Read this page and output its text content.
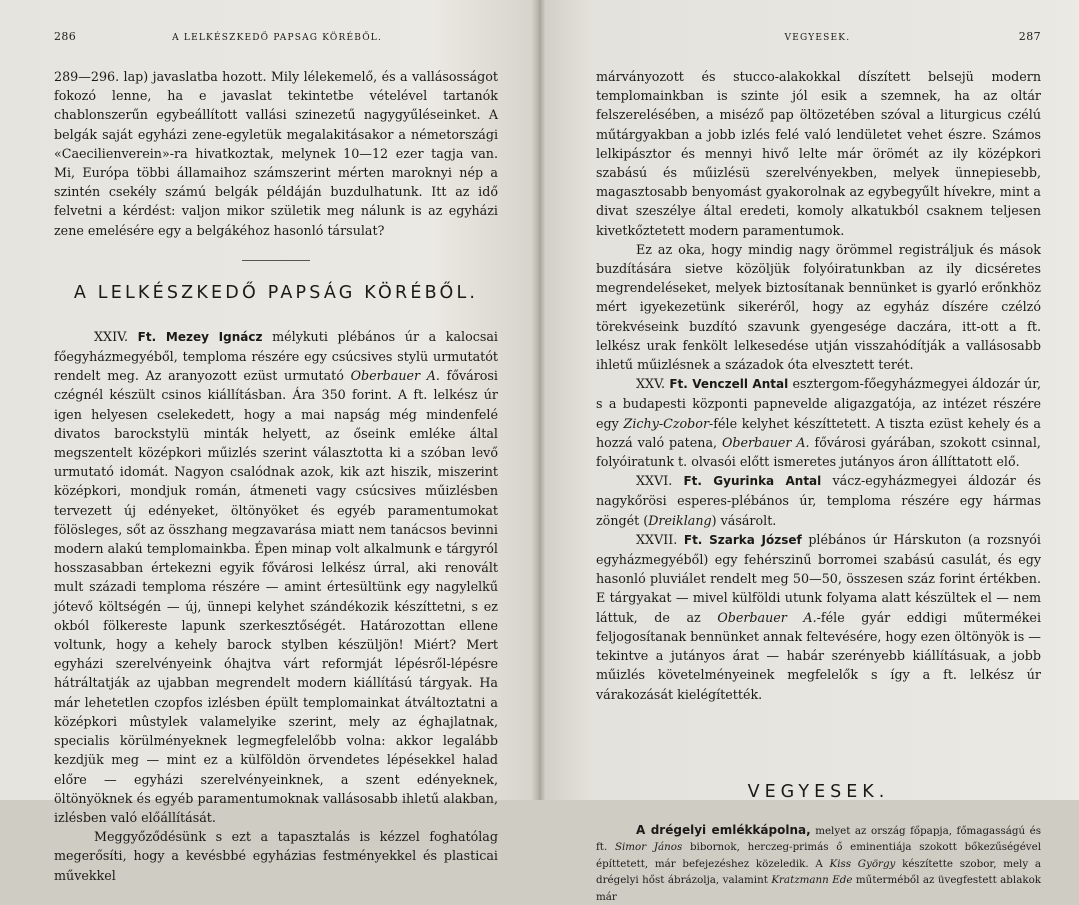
286	A LELKÉSZKEDŐ PAPSAG KÖRÉBŐL.

289—296. lap) javaslatba hozott. Mily lélekemelő, és a vallásosságot fokozó lenne, ha e javaslat tekintetbe vételével tartanók chablonszerűn egybeállított vallási szinezetű nagygyűléseinket. A belgák saját egyházi zene-egyletük megalakitásakor a németországi «Caecilienverein»-ra hivatkoztak, melynek 10—12 ezer tagja van. Mi, Európa többi államaihoz számszerint mérten maroknyi nép a szintén csekély számú belgák példáján buzdulhatunk. Itt az idő felvetni a kérdést: valjon mikor születik meg nálunk is az egyházi zene emelésére egy a belgákéhoz hasonló társulat?

A LELKÉSZKEDŐ PAPSÁG KÖRÉBŐL.

XXIV. Ft. Mezey Ignácz mélykuti plébános úr a kalocsai főegyházmegyéből, temploma részére egy csúcsives stylü urmutatót rendelt meg. Az aranyozott ezüst urmutató Oberbauer A. fővárosi czégnél készült csinos kiállításban. Ára 350 forint. A ft. lelkész úr igen helyesen cselekedett, hogy a mai napság még mindenfelé divatos barockstylü minták helyett, az őseink emléke által megszentelt középkori műizlés szerint választotta ki a szóban levő urmutató idomát. Nagyon csalódnak azok, kik azt hiszik, miszerint középkori, mondjuk román, átmeneti vagy csúcsives műizlésben tervezett új edényeket, öltönyöket és egyéb paramentumokat fölösleges, sőt az összhang megzavarása miatt nem tanácsos bevinni modern alakú templomainkba. Épen minap volt alkalmunk e tárgyról hosszasabban értekezni egyik fővárosi lelkész úrral, aki renovált mult századi temploma részére — amint értesültünk egy nagylelkű jótevő költségén — új, ünnepi kelyhet szándékozik készíttetni, s ez okból fölkereste lapunk szerkesztőségét. Határozottan ellene voltunk, hogy a kehely barock stylben készüljön! Miért? Mert egyházi szerelvényeink óhajtva várt reformját lépésről-lépésre hátráltatják az ujabban megrendelt modern kiállítású tárgyak. Ha már lehetetlen czopfos izlésben épült templomainkat átváltoztatni a középkori mûstylek valamelyike szerint, mely az éghajlatnak, specialis körülményeknek legmegfelelőbb volna: akkor legalább kezdjük meg — mint ez a külföldön örvendetes lépésekkel halad előre — egyházi szerelvényeinknek, a szent edényeknek, öltönyöknek és egyéb paramentumoknak vallásosabb ihletű alakban, izlésben való előállítását.

Meggyőződésünk s ezt a tapasztalás is kézzel foghatólag megerősíti, hogy a kevésbbé egyházias festményekkel és plasticai művekkel

VEGYESEK.	287

márványozott és stucco-alakokkal díszített belsejü modern templomainkban is szinte jól esik a szemnek, ha az oltár felszerelésében, a miséző pap öltözetében szóval a liturgicus czélú műtárgyakban a jobb izlés felé való lendületet vehet észre. Számos lelkipásztor és mennyi hivő lelte már örömét az ily középkori szabású és műizlésü szerelvényekben, melyek ünnepiesebb, magasztosabb benyomást gyakorolnak az egybegyűlt hívekre, mint a divat szeszélye által eredeti, komoly alkatukból csaknem teljesen kivetkőztetett modern paramentumok.

Ez az oka, hogy mindig nagy örömmel registráljuk és mások buzdítására sietve közöljük folyóiratunkban az ily dicséretes megrendeléseket, melyek biztosítanak bennünket is gyarló erőnkhöz mért igyekezetünk sikeréről, hogy az egyház díszére czélzó törekvéseink buzdító szavunk gyengesége daczára, itt-ott a ft. lelkész urak fenkölt lelkesedése utján visszahódítják a vallásosabb ihletű műizlésnek a századok óta elvesztett terét.

XXV. Ft. Venczell Antal esztergom-főegyházmegyei áldozár úr, s a budapesti központi papnevelde aligazgatója, az intézet részére egy Zichy-Czobor-féle kelyhet készíttetett. A tiszta ezüst kehely és a hozzá való patena, Oberbauer A. fővárosi gyárában, szokott csinnal, folyóiratunk t. olvasói előtt ismeretes jutányos áron állíttatott elő.

XXVI. Ft. Gyurinka Antal vácz-egyházmegyei áldozár és nagykőrösi esperes-plébános úr, temploma részére egy hármas zöngét (Dreiklang) vásárolt.

XXVII. Ft. Szarka József plébános úr Hárskuton (a rozsnyói egyházmegyéből) egy fehérszinű borromei szabású casulát, és egy hasonló pluviálet rendelt meg 50—50, összesen száz forint értékben. E tárgyakat — mivel külföldi utunk folyama alatt készültek el — nem láttuk, de az Oberbauer A.-féle gyár eddigi műtermékei feljogosítanak bennünket annak feltevésére, hogy ezen öltönyök is — tekintve a jutányos árat — habár szerényebb kiállításuak, a jobb műizlés követelményeinek megfelelők s így a ft. lelkész úr várakozását kielégítették.

VEGYESEK.

A drégelyi emlékkápolna, melyet az ország főpapja, főmagasságú és ft. Simor János bibornok, herczeg-primás ő eminentiája szokott bőkezűségével építtetett, már befejezéshez közeledik. A Kiss György készítette szobor, mely a drégelyi hőst ábrázolja, valamint Kratzmann Ede műterméből az üvegfestett ablakok már
